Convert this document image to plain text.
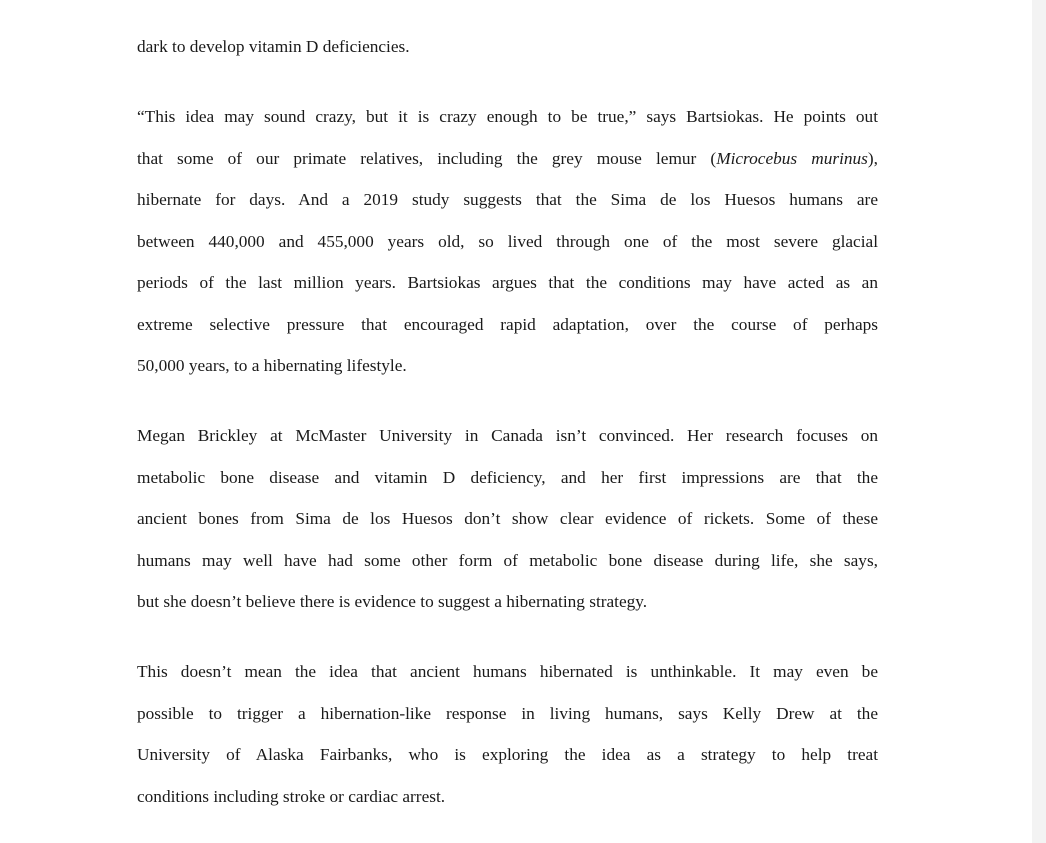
dark to develop vitamin D deficiencies.
“This idea may sound crazy, but it is crazy enough to be true,” says Bartsiokas. He points out
that some of our primate relatives, including the grey mouse lemur (Microcebus murinus),
hibernate for days. And a 2019 study suggests that the Sima de los Huesos humans are
between 440,000 and 455,000 years old, so lived through one of the most severe glacial
periods of the last million years. Bartsiokas argues that the conditions may have acted as an
extreme selective pressure that encouraged rapid adaptation, over the course of perhaps
50,000 years, to a hibernating lifestyle.
Megan Brickley at McMaster University in Canada isn’t convinced. Her research focuses on
metabolic bone disease and vitamin D deficiency, and her first impressions are that the
ancient bones from Sima de los Huesos don’t show clear evidence of rickets. Some of these
humans may well have had some other form of metabolic bone disease during life, she says,
but she doesn’t believe there is evidence to suggest a hibernating strategy.
This doesn’t mean the idea that ancient humans hibernated is unthinkable. It may even be
possible to trigger a hibernation-like response in living humans, says Kelly Drew at the
University of Alaska Fairbanks, who is exploring the idea as a strategy to help treat
conditions including stroke or cardiac arrest.
